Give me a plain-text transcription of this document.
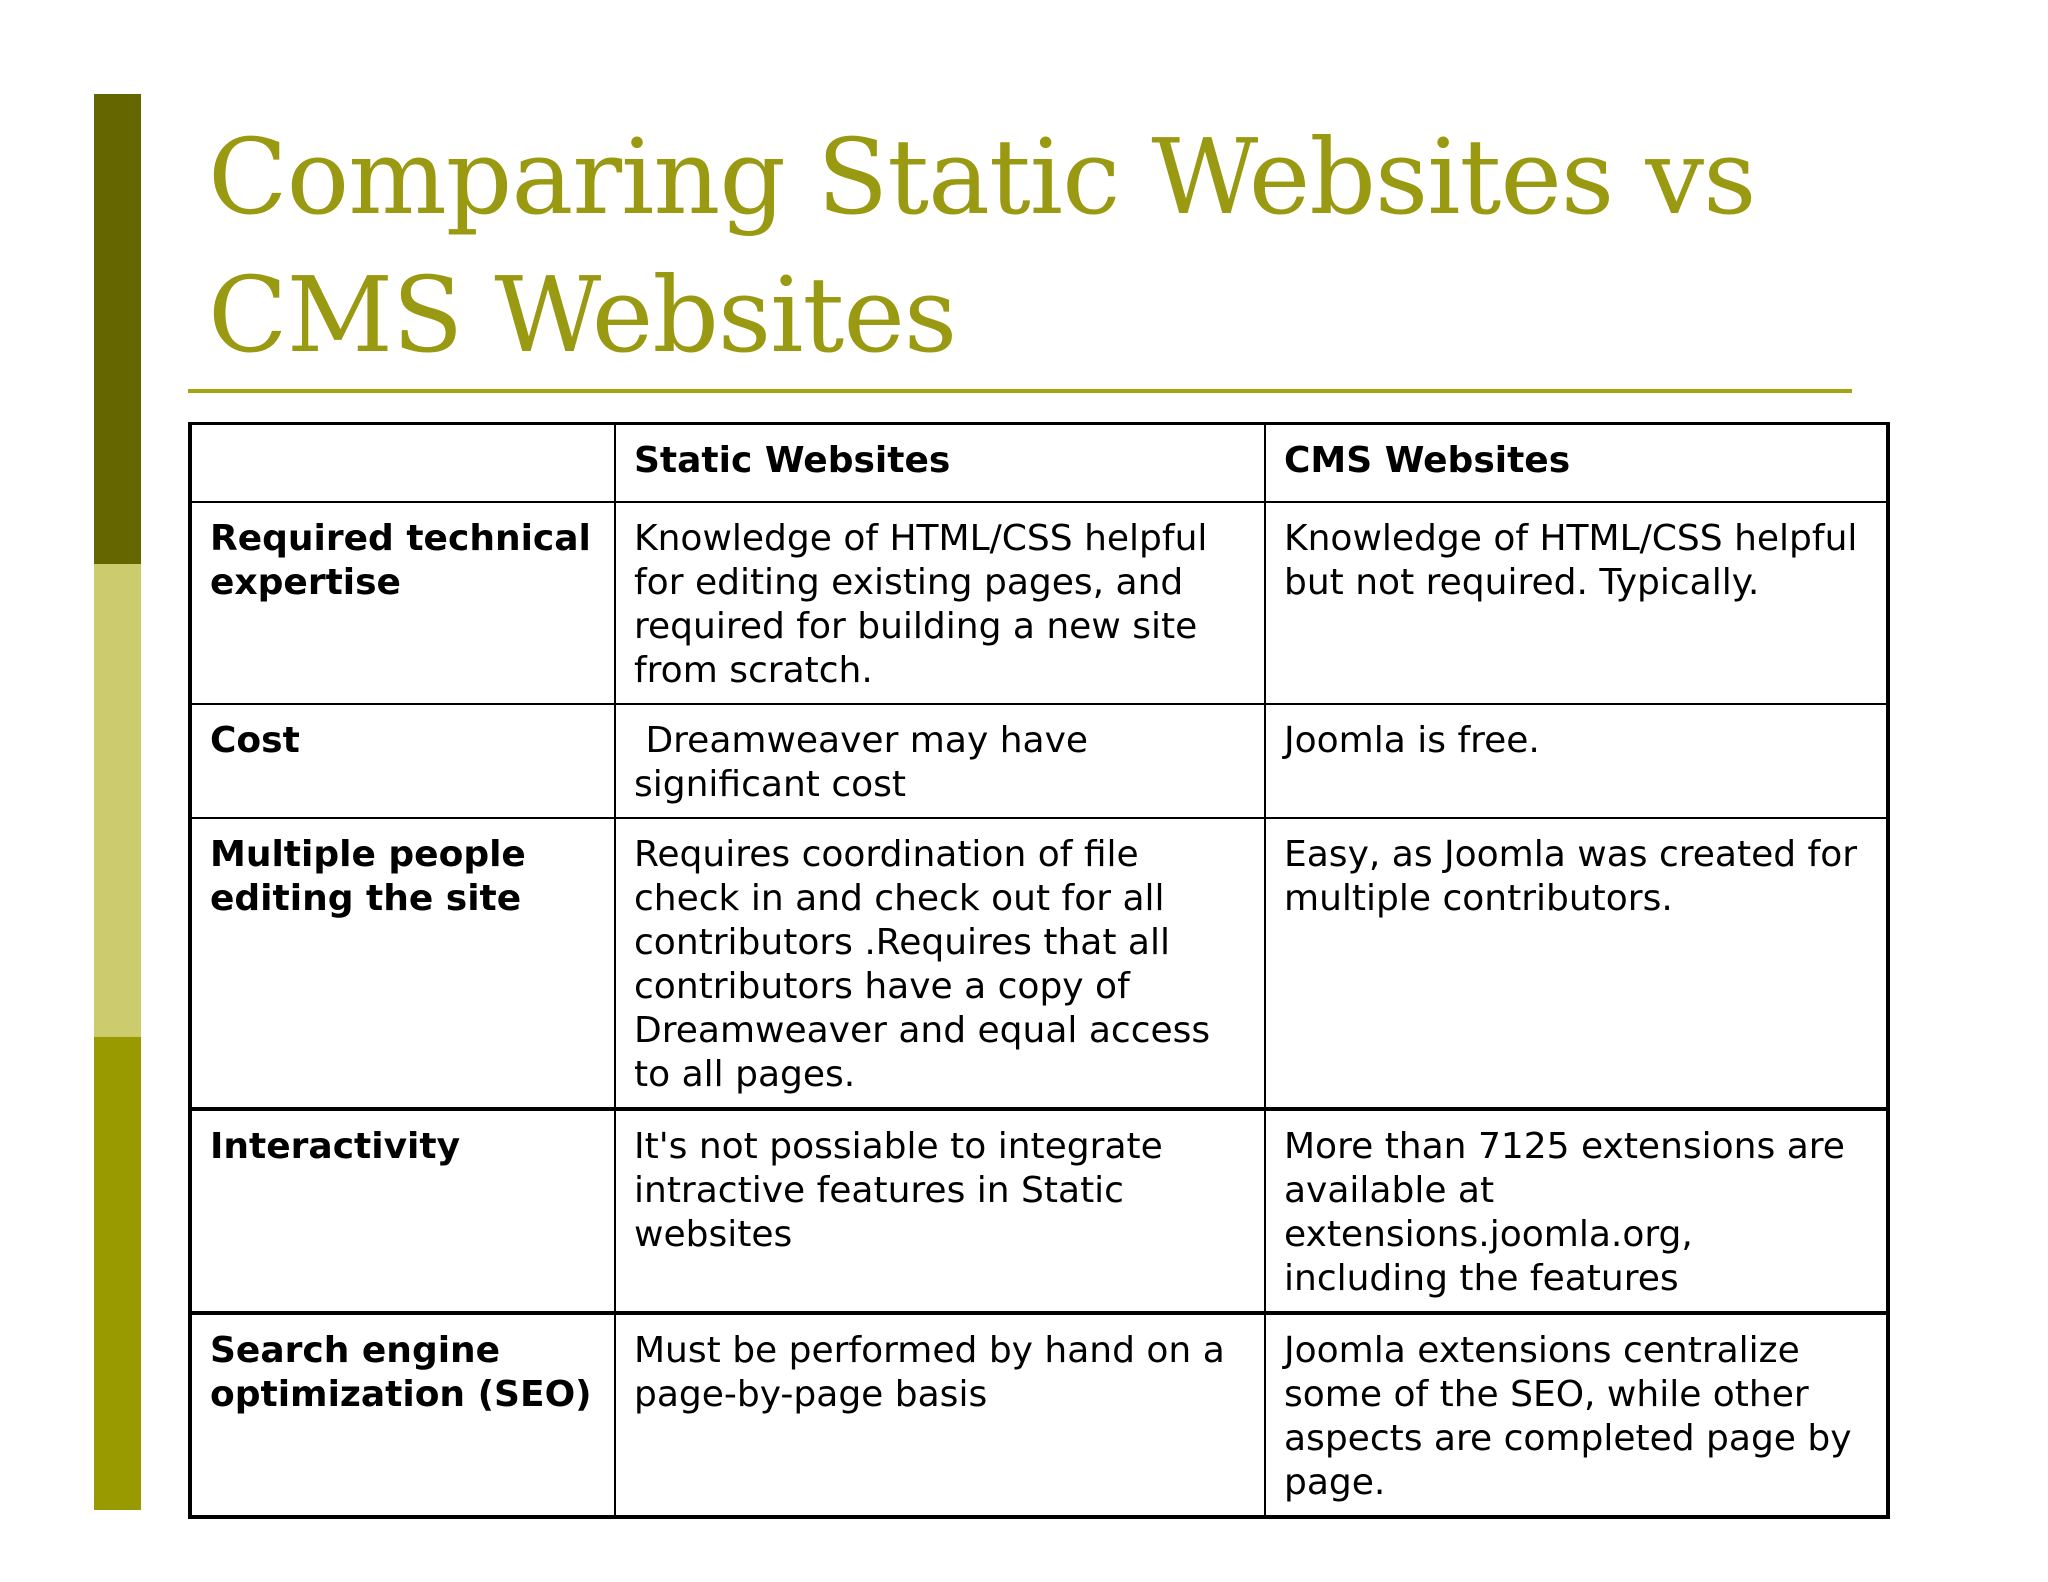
Comparing Static Websites vs CMS Websites
	Static Websites	CMS Websites
Required technical expertise	Knowledge of HTML/CSS helpful for editing existing pages, and required for building a new site from scratch.	Knowledge of HTML/CSS helpful but not required. Typically.
Cost	Dreamweaver may have significant cost	Joomla is free.
Multiple people editing the site	Requires coordination of file check in and check out for all contributors .Requires that all contributors have a copy of Dreamweaver and equal access to all pages.	Easy, as Joomla was created for multiple contributors.
Interactivity	It's not possiable to integrate intractive features in Static websites	More than 7125 extensions are available at extensions.joomla.org, including the features
Search engine optimization (SEO)	Must be performed by hand on a page-by-page basis	Joomla extensions centralize some of the SEO, while other aspects are completed page by page.
